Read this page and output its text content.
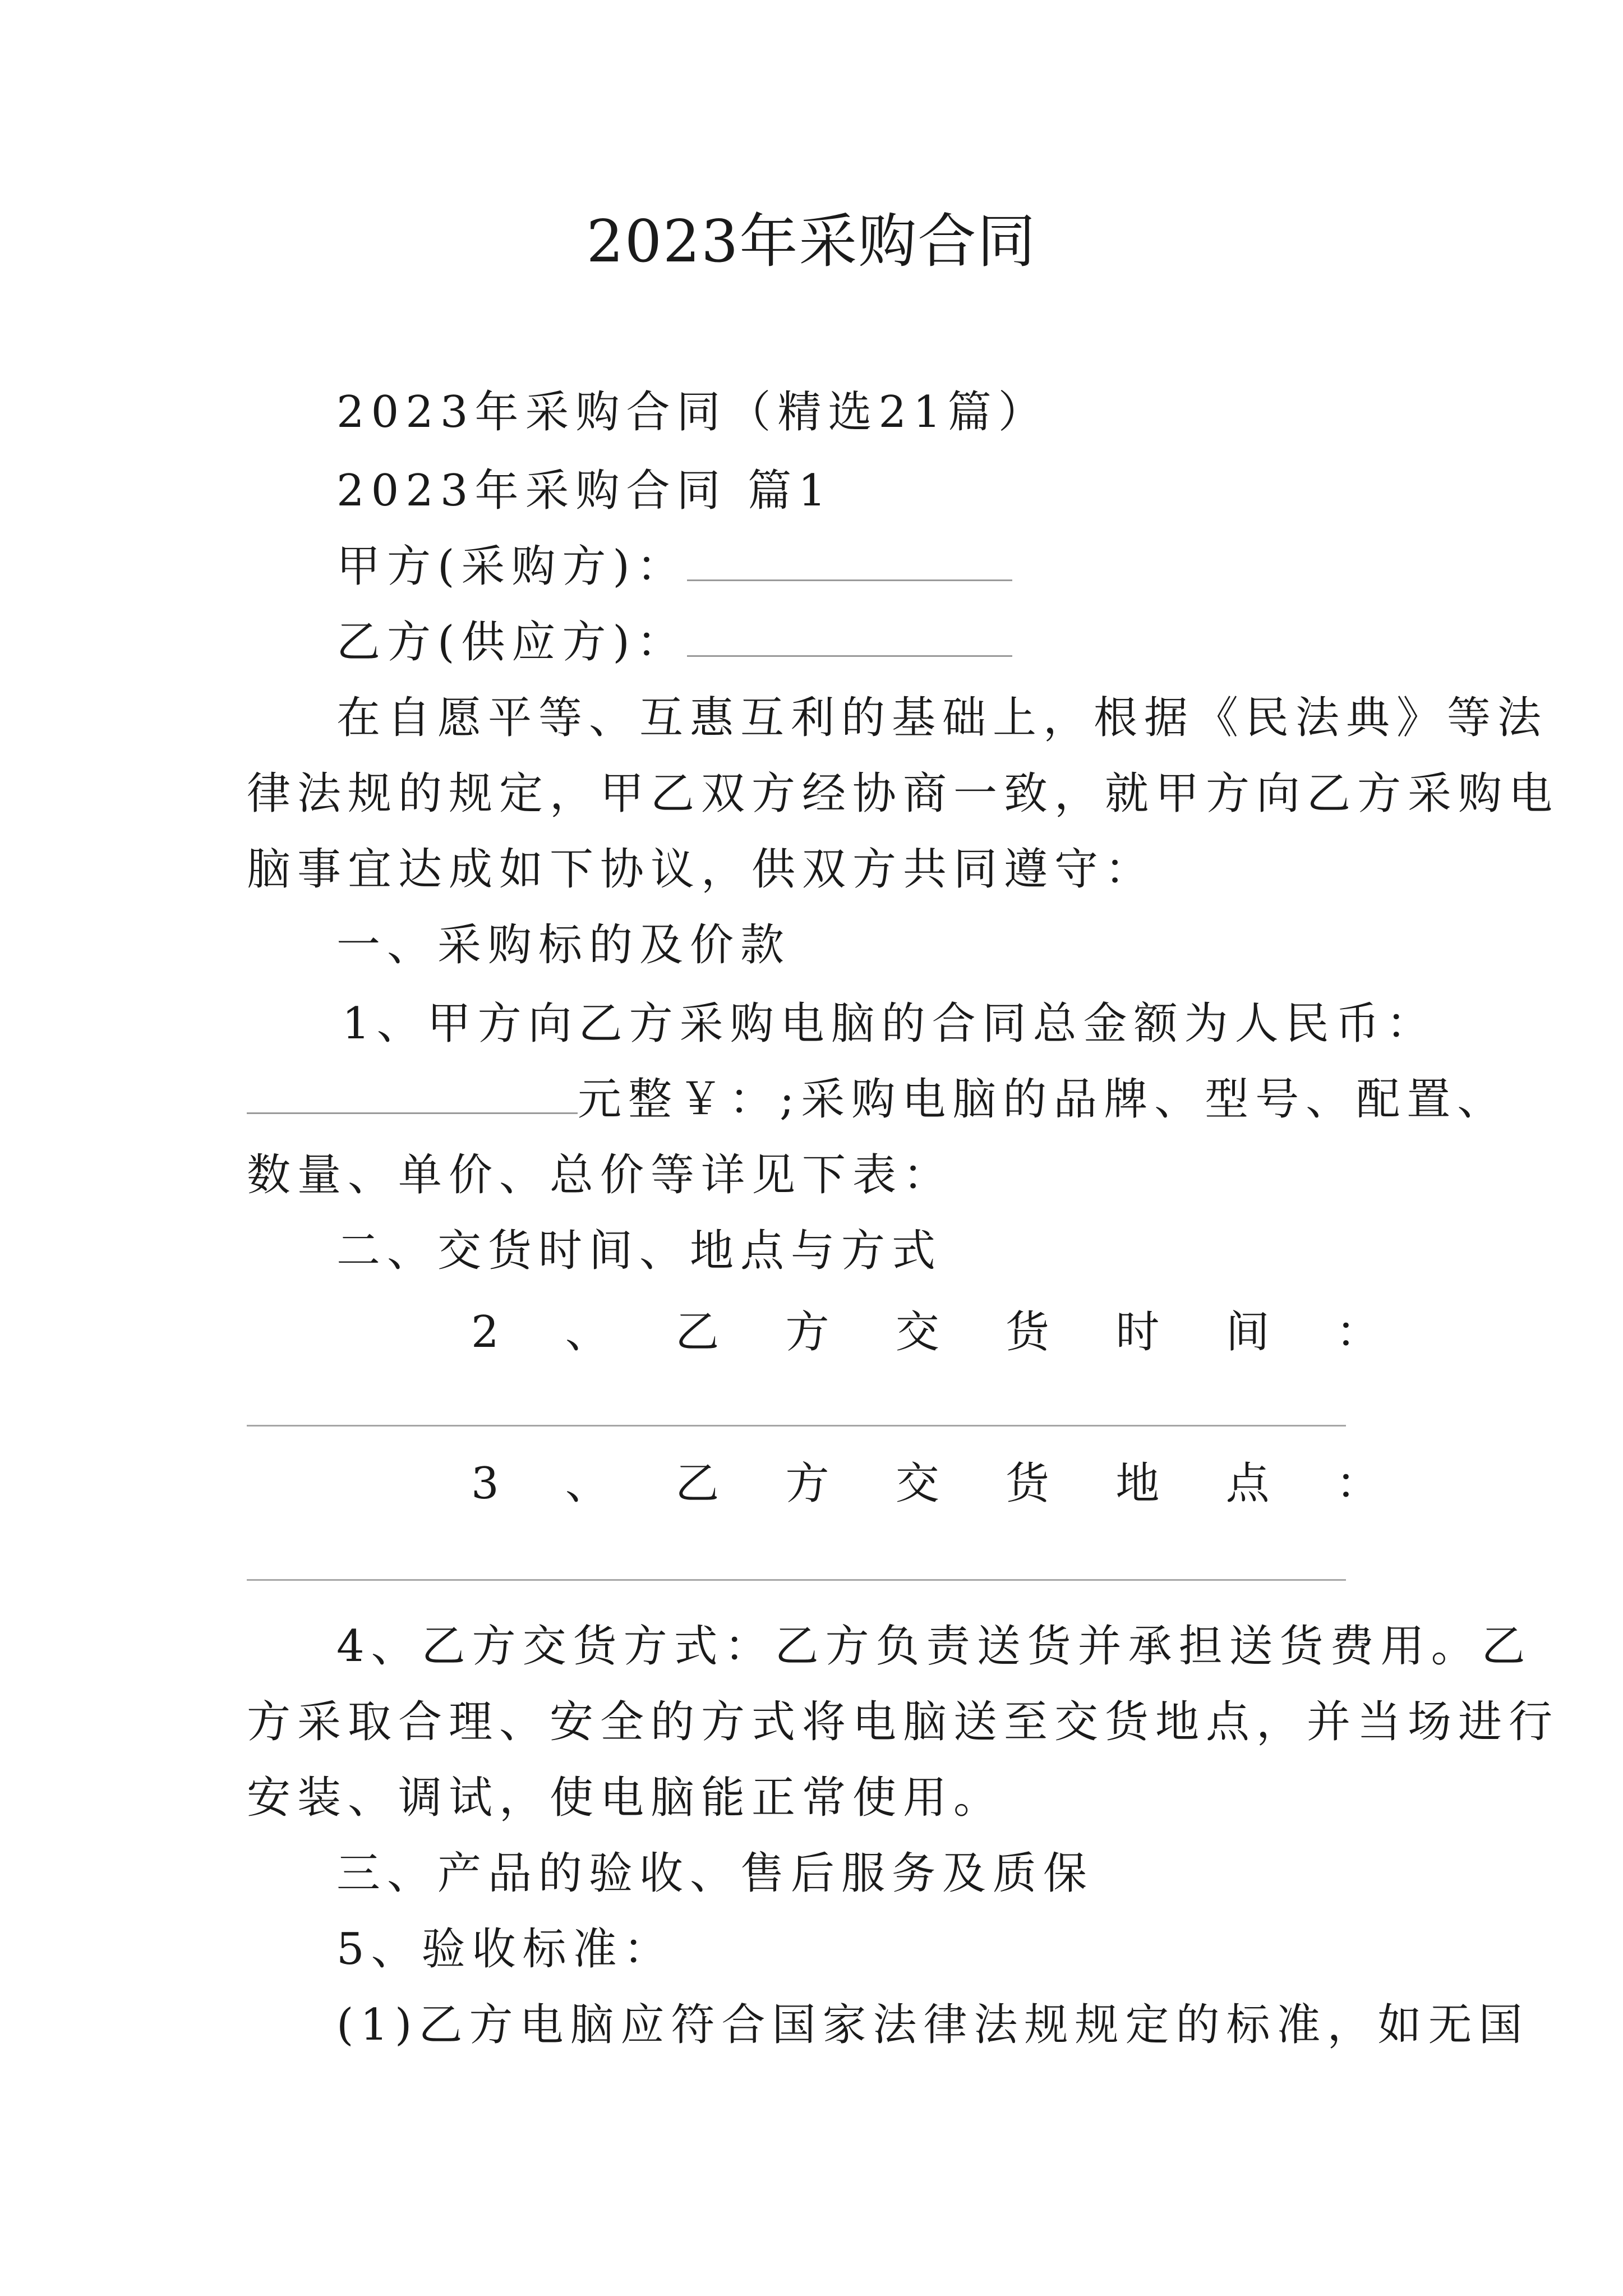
2023年采购合同
2023年采购合同（精选21篇）
2023年采购合同 篇1
甲方(采购方)：
乙方(供应方)：
在自愿平等、互惠互利的基础上，根据《民法典》等法
律法规的规定，甲乙双方经协商一致，就甲方向乙方采购电
脑事宜达成如下协议，供双方共同遵守：
一、采购标的及价款
1、甲方向乙方采购电脑的合同总金额为人民币：
元整￥：;采购电脑的品牌、型号、配置、
数量、单价、总价等详见下表：
二、交货时间、地点与方式
2 、 乙 方 交 货 时 间 ：
3 、 乙 方 交 货 地 点 ：
4、乙方交货方式：乙方负责送货并承担送货费用。乙
方采取合理、安全的方式将电脑送至交货地点，并当场进行
安装、调试，使电脑能正常使用。
三、产品的验收、售后服务及质保
5、验收标准：
(1)乙方电脑应符合国家法律法规规定的标准，如无国
